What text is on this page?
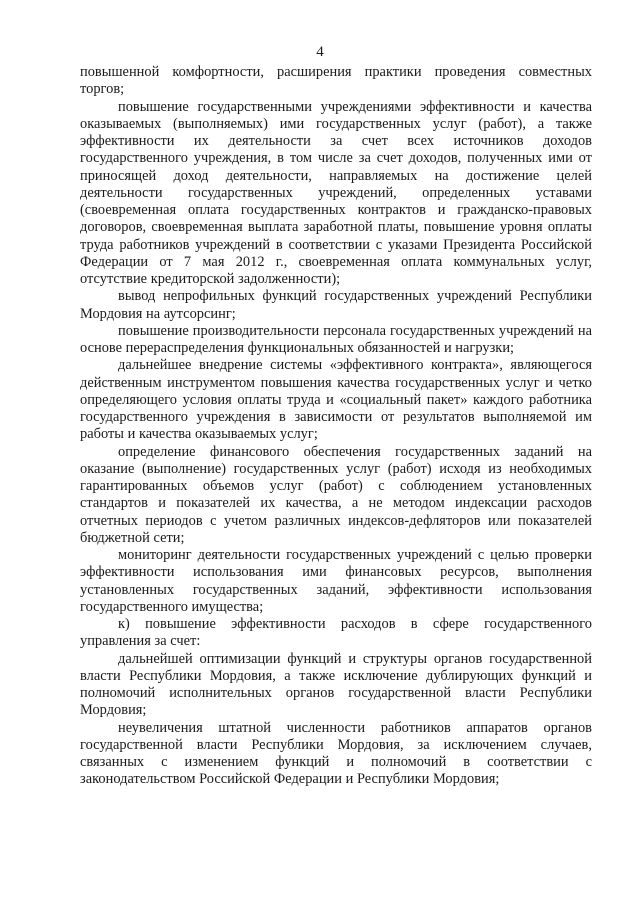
4

повышенной комфортности, расширения практики проведения совместных торгов;

повышение государственными учреждениями эффективности и качества оказываемых (выполняемых) ими государственных услуг (работ), а также эффективности их деятельности за счет всех источников доходов государственного учреждения, в том числе за счет доходов, полученных ими от приносящей доход деятельности, направляемых на достижение целей деятельности государственных учреждений, определенных уставами (своевременная оплата государственных контрактов и гражданско-правовых договоров, своевременная выплата заработной платы, повышение уровня оплаты труда работников учреждений в соответствии с указами Президента Российской Федерации от 7 мая 2012 г., своевременная оплата коммунальных услуг, отсутствие кредиторской задолженности);

вывод непрофильных функций государственных учреждений Республики Мордовия на аутсорсинг;

повышение производительности персонала государственных учреждений на основе перераспределения функциональных обязанностей и нагрузки;

дальнейшее внедрение системы «эффективного контракта», являющегося действенным инструментом повышения качества государственных услуг и четко определяющего условия оплаты труда и «социальный пакет» каждого работника государственного учреждения в зависимости от результатов выполняемой им работы и качества оказываемых услуг;

определение финансового обеспечения государственных заданий на оказание (выполнение) государственных услуг (работ) исходя из необходимых гарантированных объемов услуг (работ) с соблюдением установленных стандартов и показателей их качества, а не методом индексации расходов отчетных периодов с учетом различных индексов-дефляторов или показателей бюджетной сети;

мониторинг деятельности государственных учреждений с целью проверки эффективности использования ими финансовых ресурсов, выполнения установленных государственных заданий, эффективности использования государственного имущества;

к) повышение эффективности расходов в сфере государственного управления за счет:

дальнейшей оптимизации функций и структуры органов государственной власти Республики Мордовия, а также исключение дублирующих функций и полномочий исполнительных органов государственной власти Республики Мордовия;

неувеличения штатной численности работников аппаратов органов государственной власти Республики Мордовия, за исключением случаев, связанных с изменением функций и полномочий в соответствии с законодательством Российской Федерации и Республики Мордовия;
